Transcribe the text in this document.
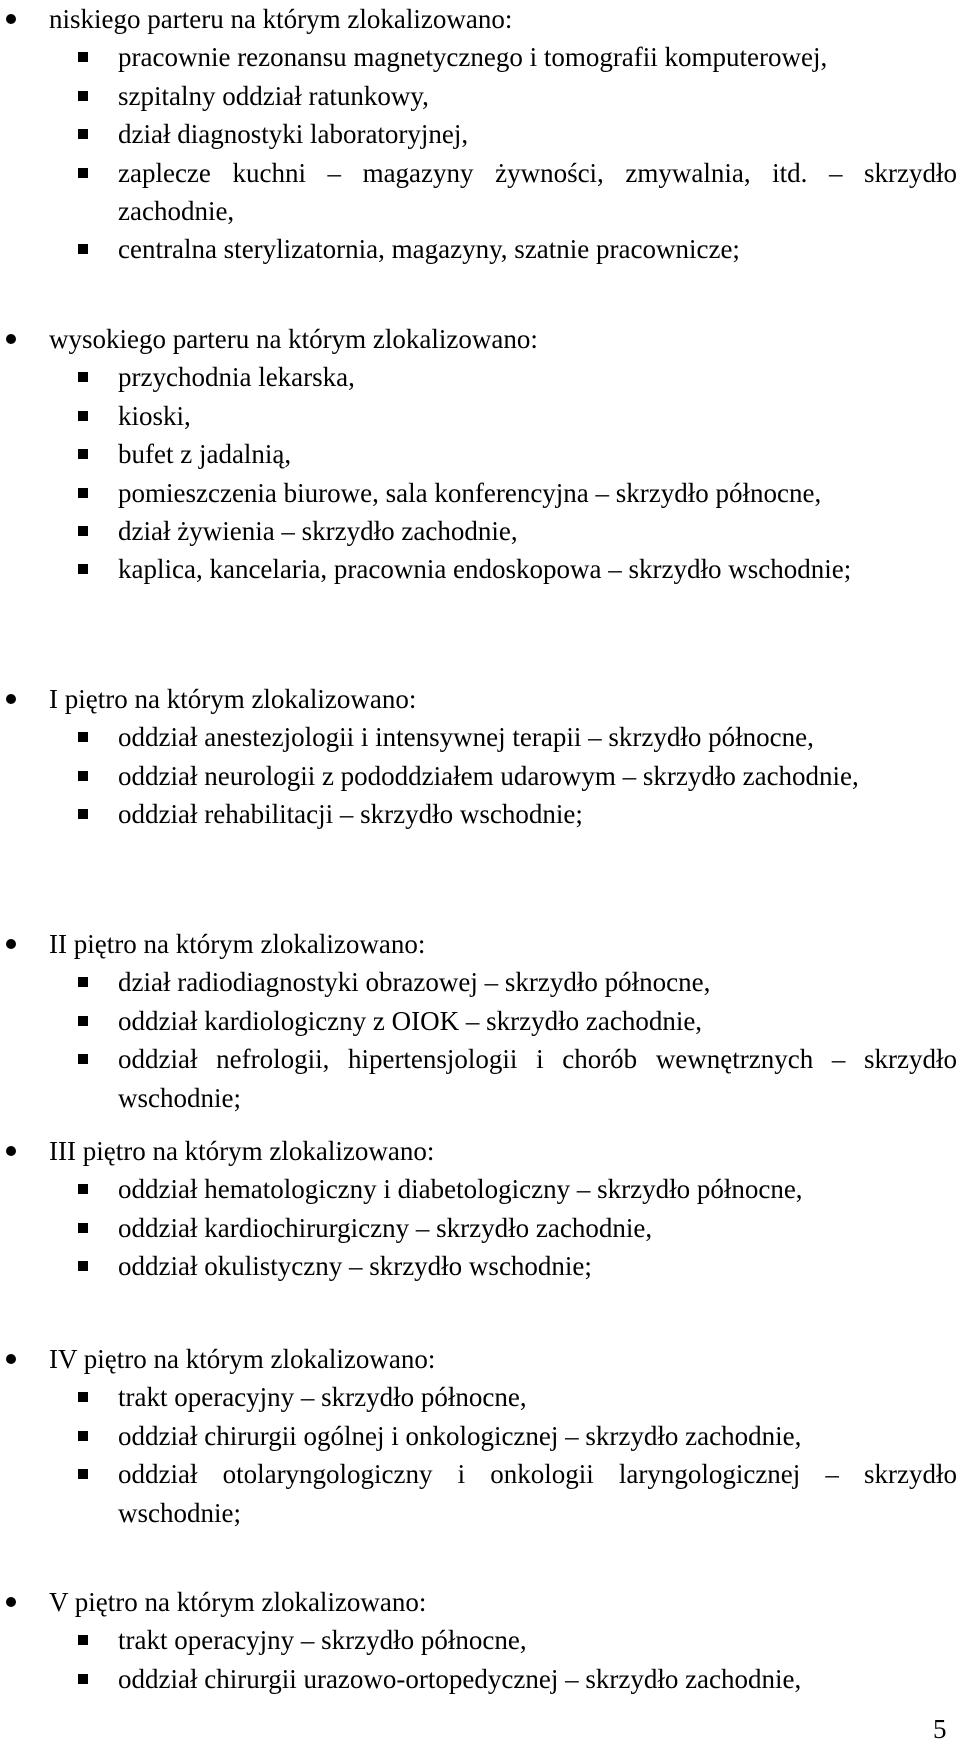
niskiego parteru na którym zlokalizowano:
pracownie rezonansu magnetycznego i tomografii komputerowej,
szpitalny oddział ratunkowy,
dział diagnostyki laboratoryjnej,
zaplecze kuchni – magazyny żywności, zmywalnia, itd. – skrzydło zachodnie,
centralna sterylizatornia, magazyny, szatnie pracownicze;
wysokiego parteru na którym zlokalizowano:
przychodnia lekarska,
kioski,
bufet z jadalnią,
pomieszczenia biurowe, sala konferencyjna – skrzydło północne,
dział żywienia – skrzydło zachodnie,
kaplica, kancelaria, pracownia endoskopowa – skrzydło wschodnie;
I piętro na którym zlokalizowano:
oddział anestezjologii i intensywnej terapii – skrzydło północne,
oddział neurologii z pododdziałem udarowym – skrzydło zachodnie,
oddział rehabilitacji – skrzydło wschodnie;
II piętro na którym zlokalizowano:
dział radiodiagnostyki obrazowej – skrzydło północne,
oddział kardiologiczny z OIOK – skrzydło zachodnie,
oddział nefrologii, hipertensjologii i chorób wewnętrznych – skrzydło wschodnie;
III piętro na którym zlokalizowano:
oddział hematologiczny i diabetologiczny – skrzydło północne,
oddział kardiochirurgiczny – skrzydło zachodnie,
oddział okulistyczny – skrzydło wschodnie;
IV piętro na którym zlokalizowano:
trakt operacyjny – skrzydło północne,
oddział chirurgii ogólnej i onkologicznej – skrzydło zachodnie,
oddział otolaryngologiczny i onkologii laryngologicznej – skrzydło wschodnie;
V piętro na którym zlokalizowano:
trakt operacyjny – skrzydło północne,
oddział chirurgii urazowo-ortopedycznej – skrzydło zachodnie,
5
